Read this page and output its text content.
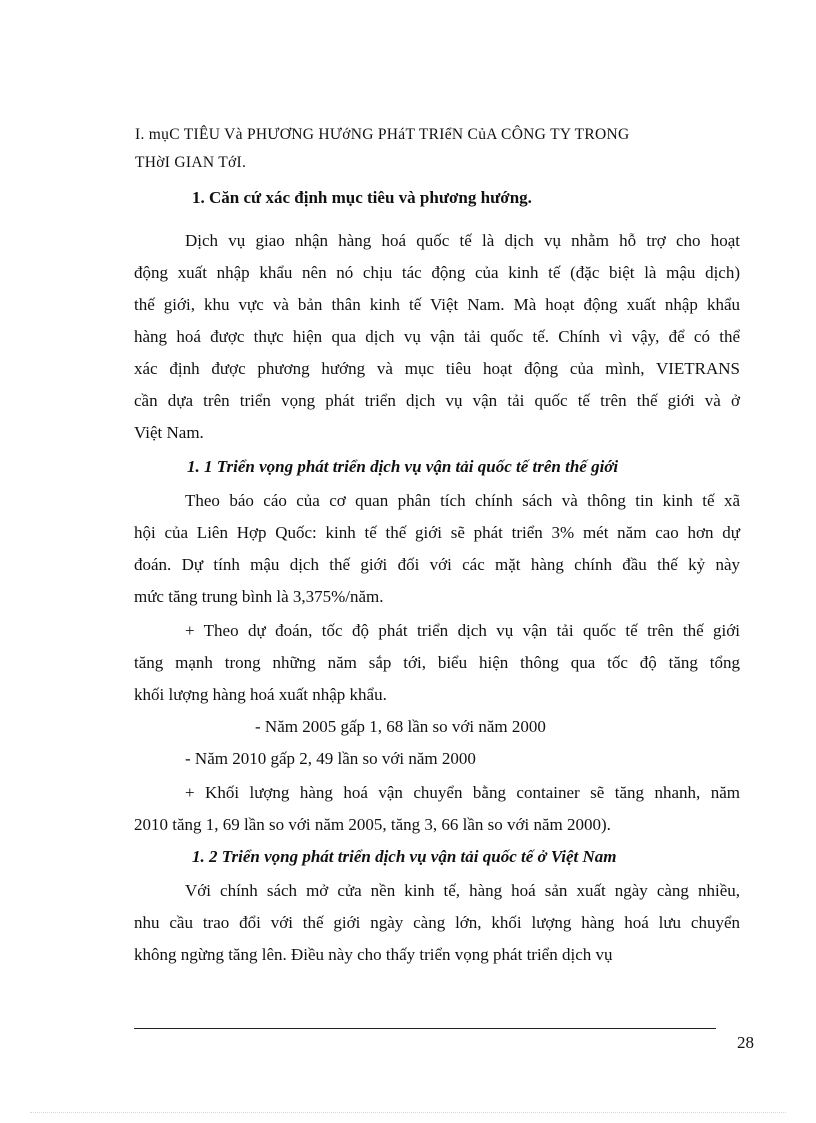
I. mụC TIÊU Và PHƯƠNG HƯớNG PHáT TRIểN CủA CÔNG TY TRONG
THờI GIAN TớI.
1. Căn cứ xác định mục tiêu và phương hướng.
Dịch vụ giao nhận hàng hoá quốc tế là dịch vụ nhằm hỗ trợ cho hoạt
động xuất nhập khẩu nên nó chịu tác động của kinh tế (đặc biệt là mậu dịch)
thế giới, khu vực và bản thân kinh tế Việt Nam. Mà hoạt động xuất nhập khẩu
hàng hoá được thực hiện qua dịch vụ vận tải quốc tế. Chính vì vậy, để có thể
xác định được phương hướng và mục tiêu hoạt động của mình, VIETRANS
cần dựa trên triển vọng phát triển dịch vụ vận tải quốc tế trên thế giới và ở
Việt Nam.
1. 1 Triển vọng phát triển dịch vụ vận tải quốc tế trên thế giới
Theo báo cáo của cơ quan phân tích chính sách và thông tin kinh tế xã
hội của Liên Hợp Quốc: kinh tế thế giới sẽ phát triển 3% mét năm cao hơn dự
đoán. Dự tính mậu dịch thế giới đối với các mặt hàng chính đầu thế kỷ này
mức tăng trung bình là 3,375%/năm.
+ Theo dự đoán, tốc độ phát triển dịch vụ vận tải quốc tế trên thế giới
tăng mạnh trong những năm sắp tới, biểu hiện thông qua tốc độ tăng tổng
khối lượng hàng hoá xuất nhập khẩu.
- Năm 2005 gấp 1, 68 lần so với năm 2000
- Năm 2010 gấp 2, 49 lần so với năm 2000
+ Khối lượng hàng hoá vận chuyển bằng container sẽ tăng nhanh, năm
2010 tăng 1, 69 lần so với năm 2005, tăng 3, 66 lần so với năm 2000).
1. 2 Triển vọng phát triển dịch vụ vận tải quốc tế ở Việt Nam
Với chính sách mở cửa nền kinh tế, hàng hoá sản xuất ngày càng nhiều,
nhu cầu trao đổi với thế giới ngày càng lớn, khối lượng hàng hoá lưu chuyển
không ngừng tăng lên. Điều này cho thấy triển vọng phát triển dịch vụ
28
